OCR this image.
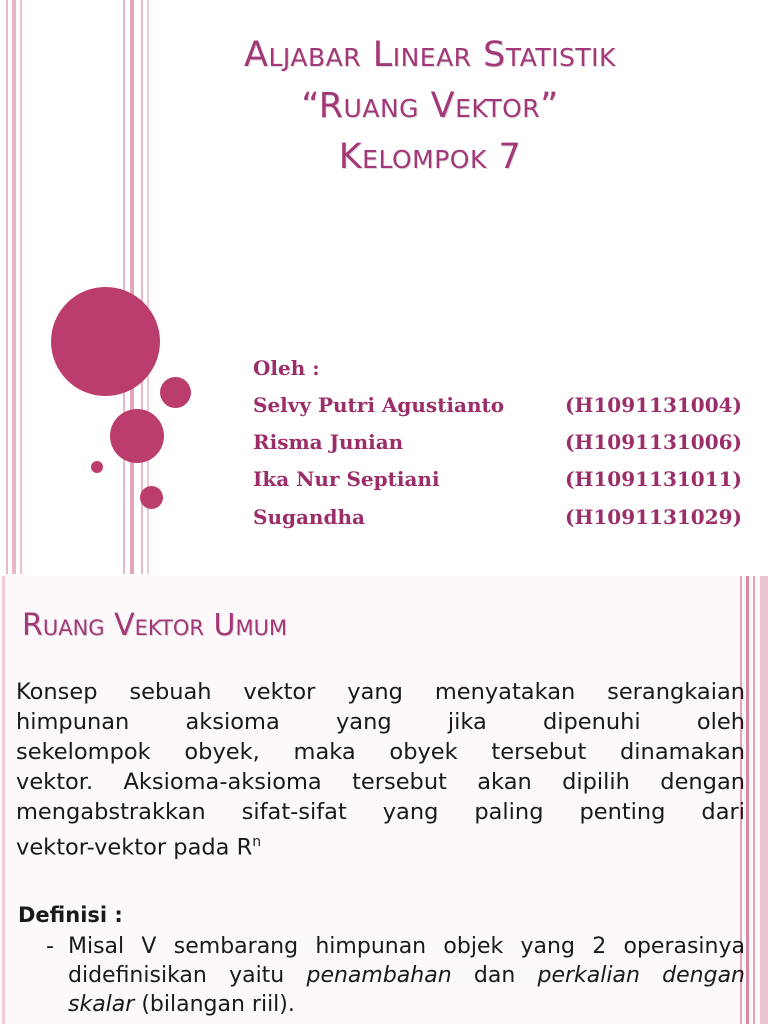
Aljabar Linear Statistik
“Ruang Vektor”
Kelompok 7
Oleh :
Selvy Putri Agustianto	(H1091131004)
Risma Junian	(H1091131006)
Ika Nur Septiani	(H1091131011)
Sugandha	(H1091131029)
Ruang Vektor Umum
Konsep sebuah vektor yang menyatakan serangkaian
himpunan aksioma yang jika dipenuhi oleh
sekelompok obyek, maka obyek tersebut dinamakan
vektor. Aksioma-aksioma tersebut akan dipilih dengan
mengabstrakkan sifat-sifat yang paling penting dari
vektor-vektor pada $R^n$
Definisi :
- Misal V sembarang himpunan objek yang 2 operasinya
didefinisikan yaitu penambahan dan perkalian dengan
skalar (bilangan riil).
